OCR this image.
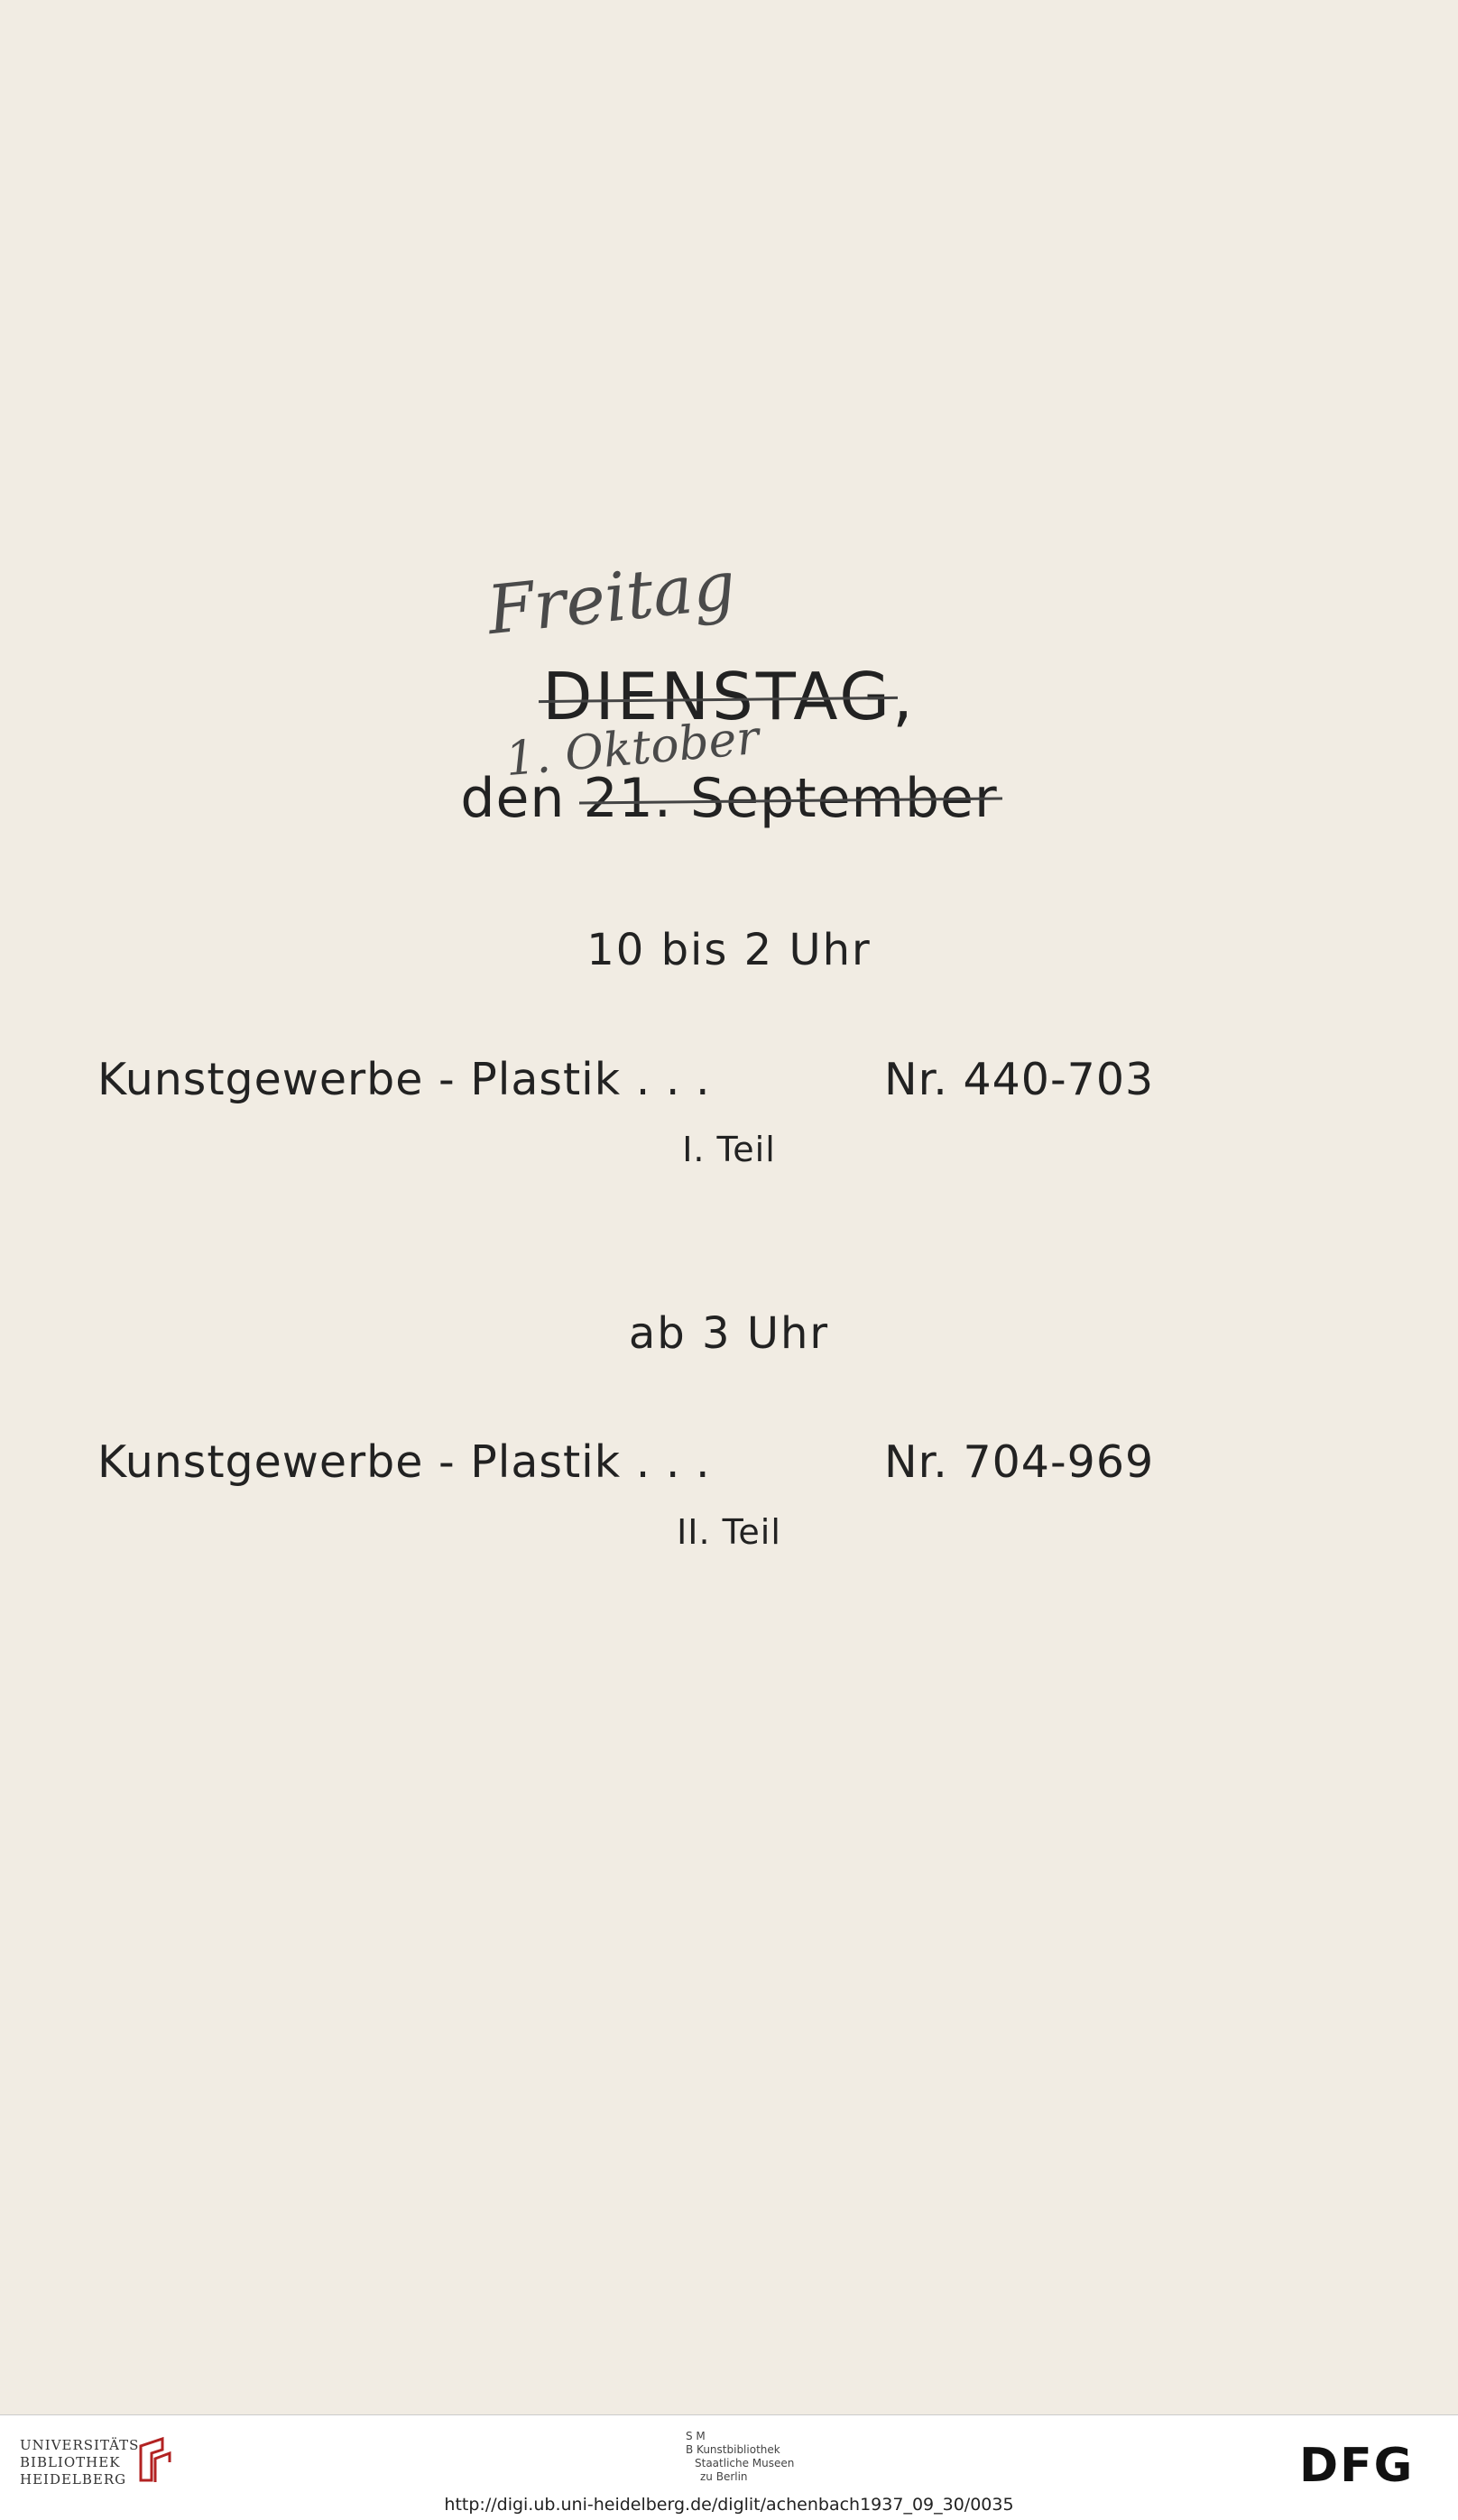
Freitag
DIENSTAG,
1. Oktober
den 21. September
10 bis 2 Uhr
Kunstgewerbe - Plastik . . .	Nr. 440-703
I. Teil
ab 3 Uhr
Kunstgewerbe - Plastik . . .	Nr. 704-969
II. Teil
UNIVERSITÄTS-
BIBLIOTHEK
HEIDELBERG
S M
B Kunstbibliothek
Staatliche Museen
zu Berlin	DFG
http://digi.ub.uni-heidelberg.de/diglit/achenbach1937_09_30/0035
